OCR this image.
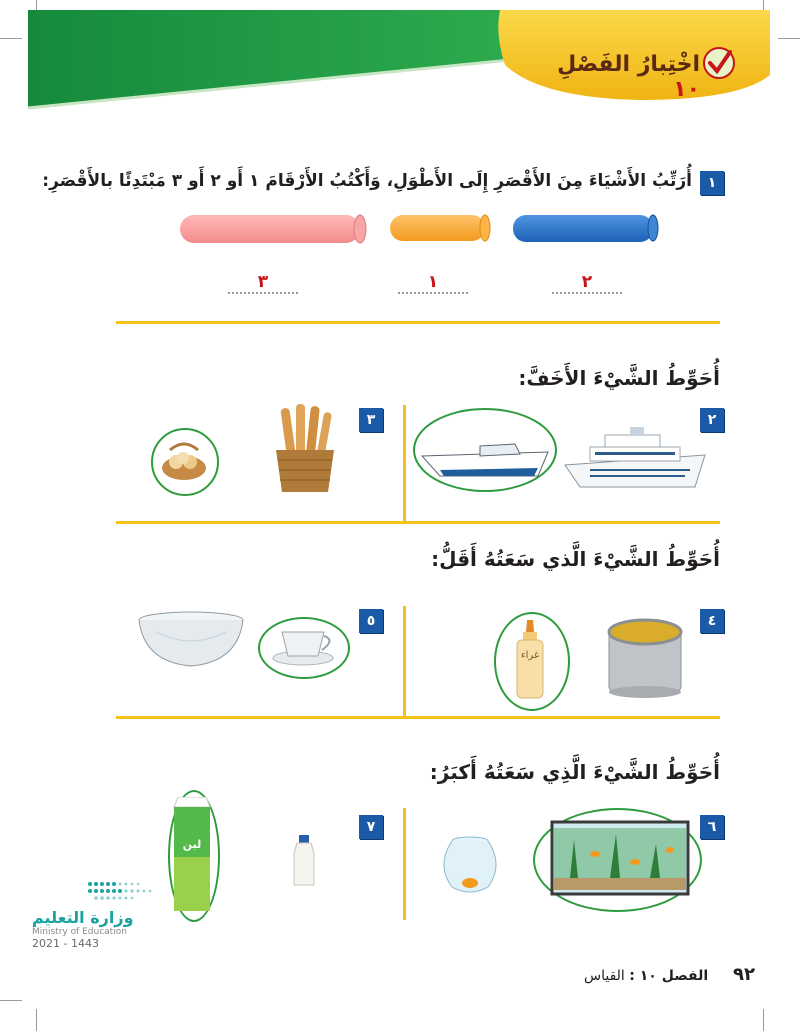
اخْتِبارُ الفَصْلِ ١٠
١
أُرَتِّبُ الأَشْيَاءَ مِنَ الأَقْصَرِ إِلَى الأَطْوَلِ، وَأَكْتُبُ الأَرْقَامَ ١ أَو ٢ أَو ٣ مَبْتَدِئًا بالأَقْصَرِ:
٣	١	٢
أُحَوِّطُ الشَّيْءَ الأَخَفَّ:
٢
٣
أُحَوِّطُ الشَّيْءَ الَّذي سَعَتُهُ أَقَلُّ:
٤
٥
غراء
أُحَوِّطُ الشَّيْءَ الَّذِي سَعَتُهُ أَكبَرُ:
٦
٧
لبن
وزارة التعليم
Ministry of Education
2021 - 1443
الفصل ١٠ : القياس	٩٢
